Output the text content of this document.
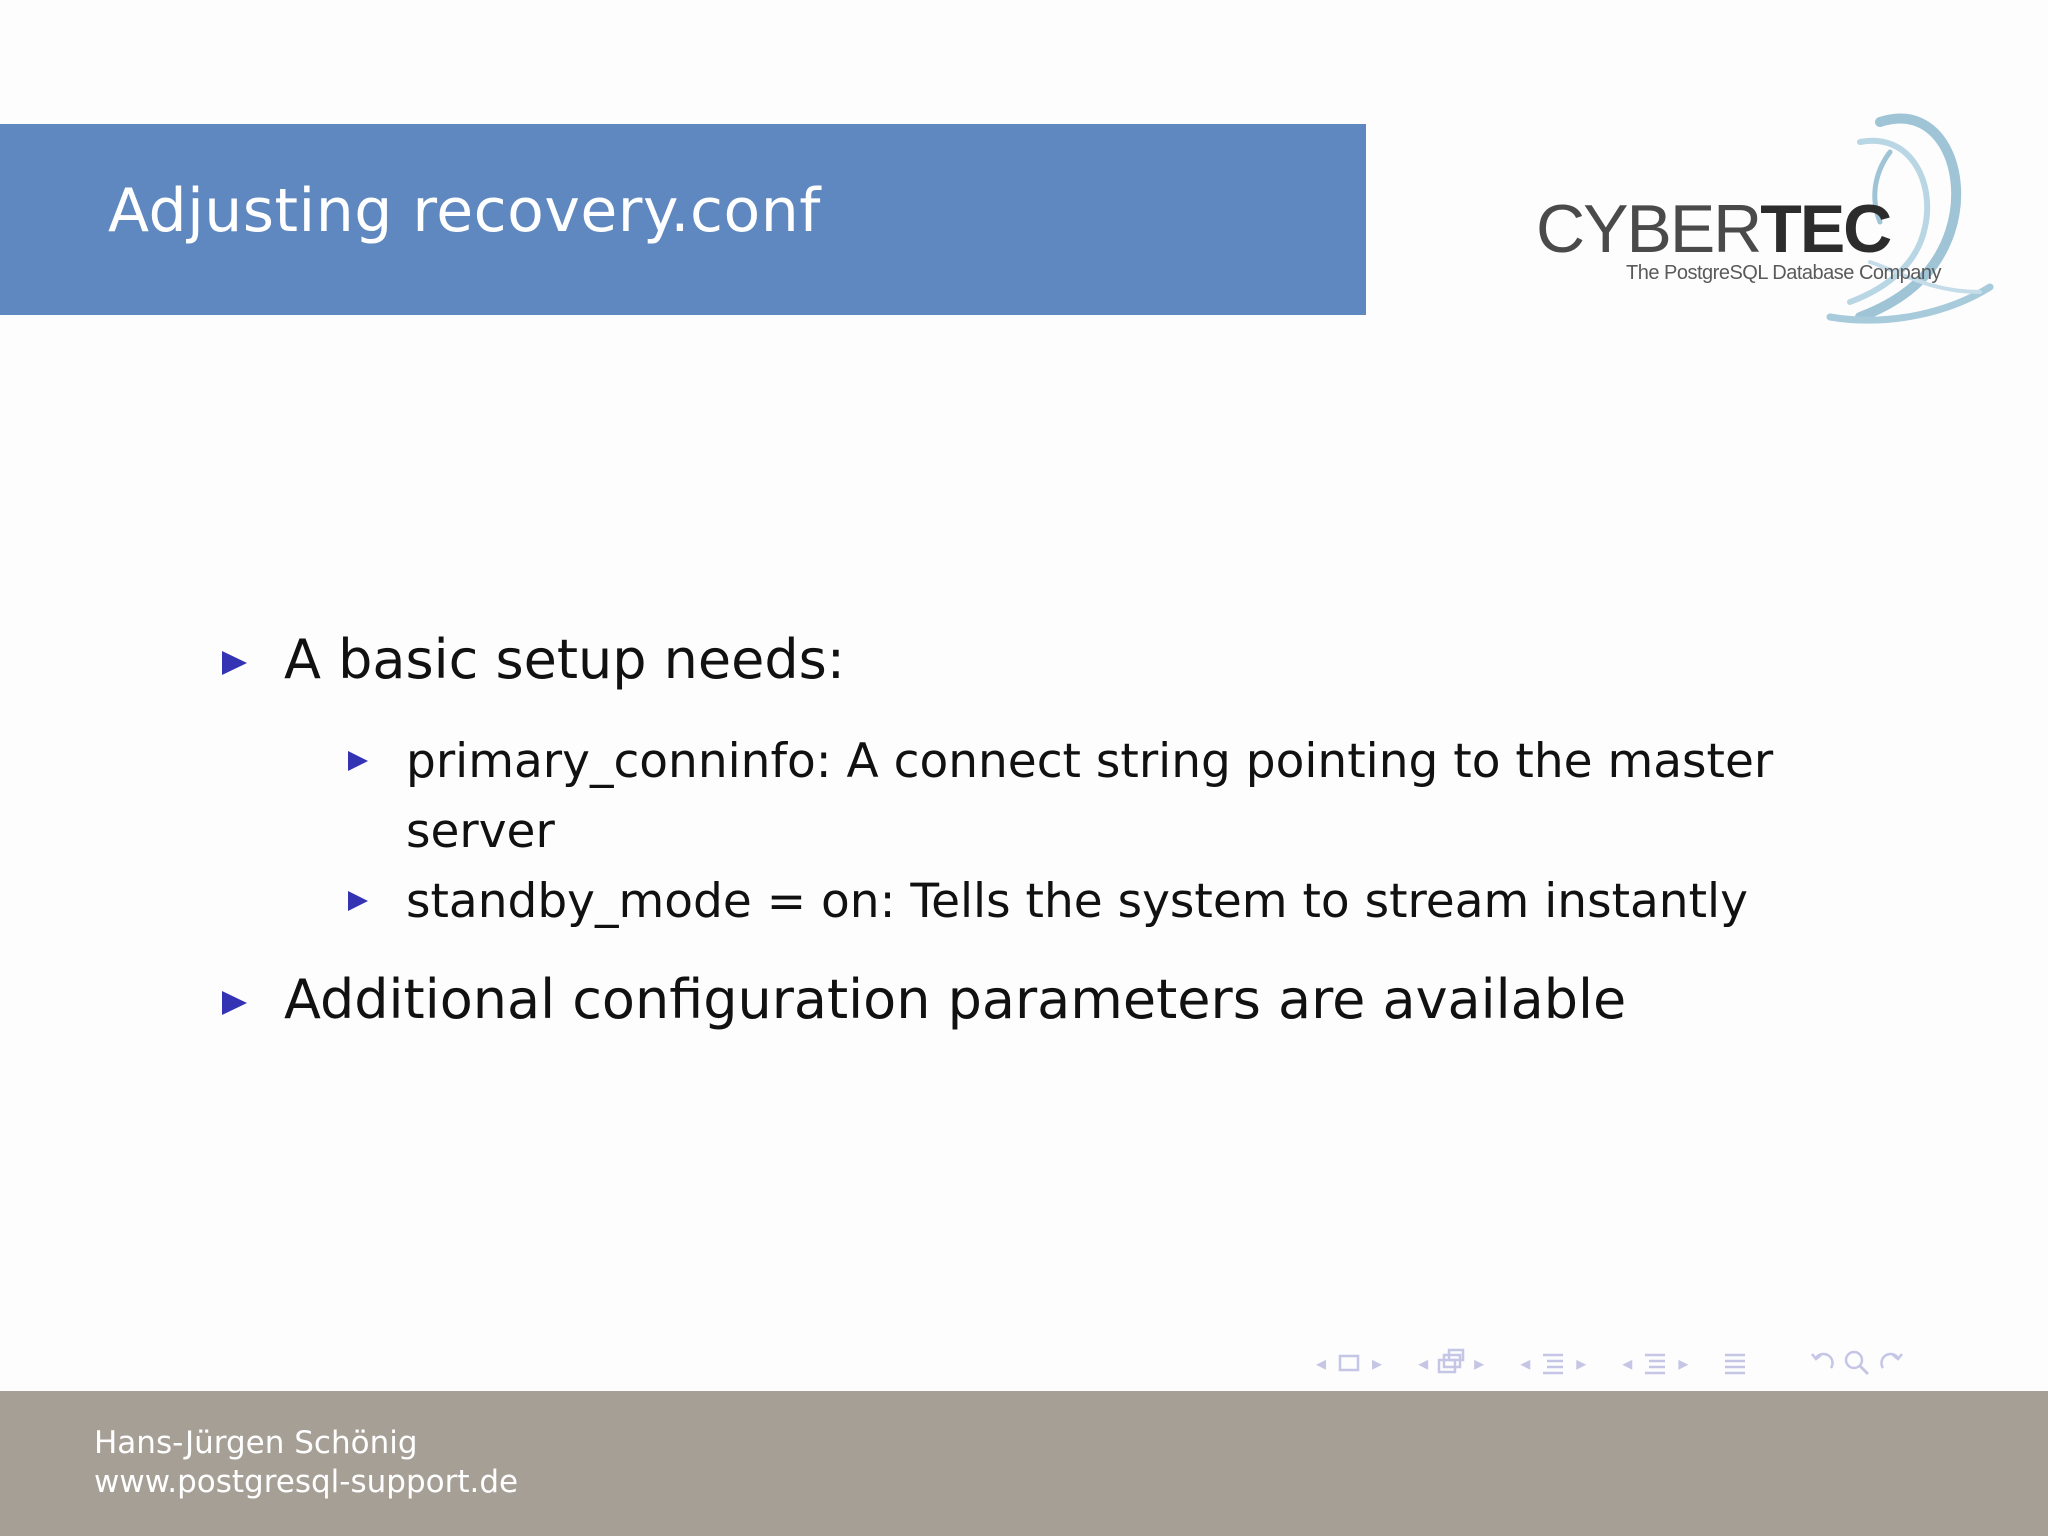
Adjusting recovery.conf	CYBERTEC
The PostgreSQL Database Company
A basic setup needs:
primary_conninfo: A connect string pointing to the master server
standby_mode = on: Tells the system to stream instantly
Additional configuration parameters are available
◂ ▸ ◂ ▸ ◂ ▸ ◂ ▸
Hans-Jürgen Schönig
www.postgresql-support.de
